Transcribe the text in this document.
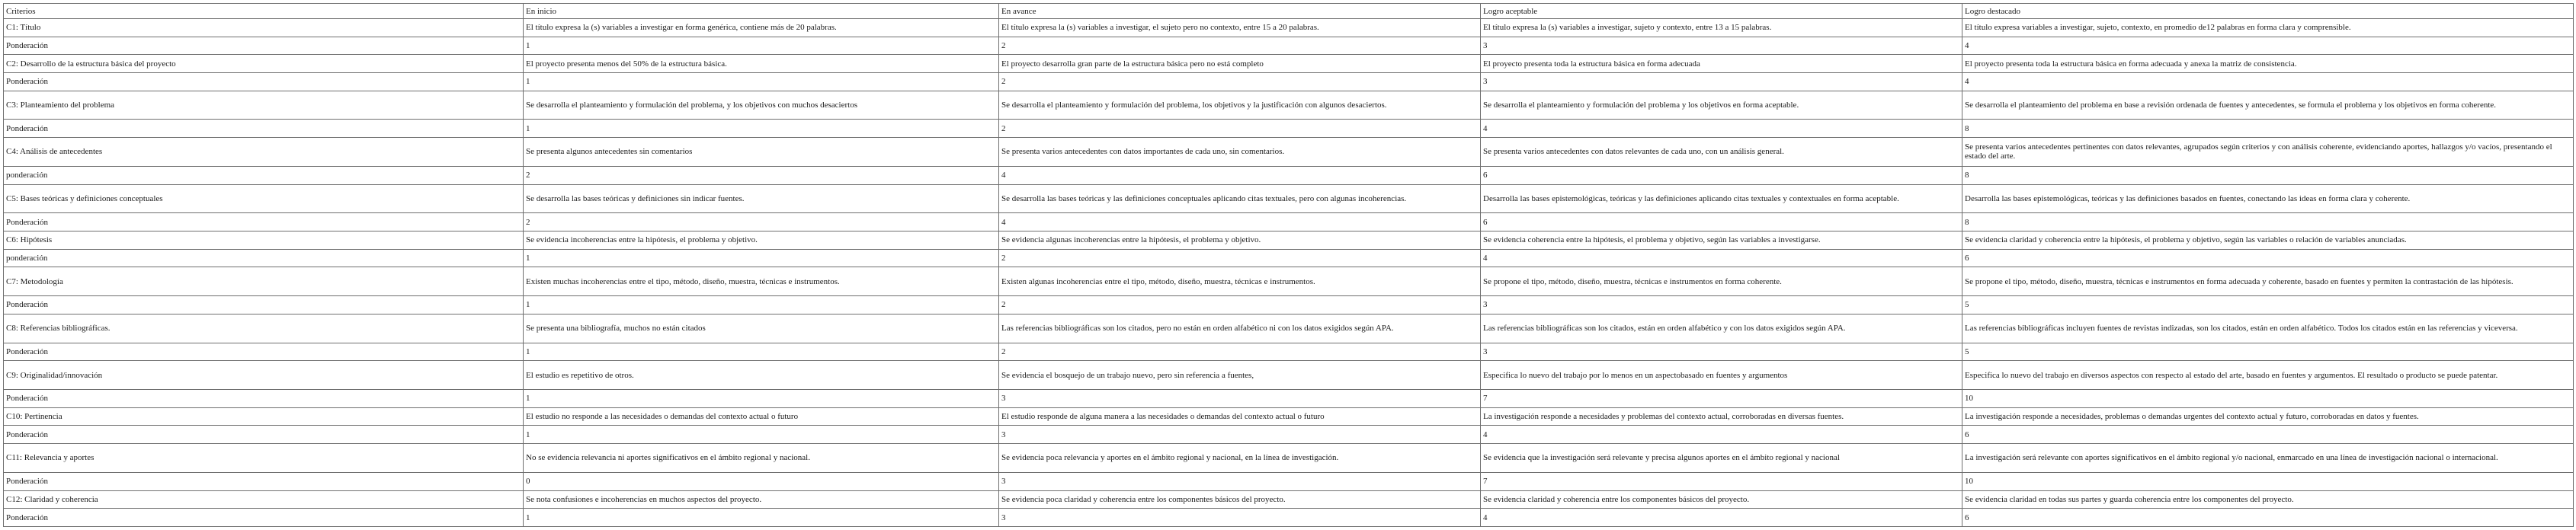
Criterios	En inicio	En avance	Logro aceptable	Logro destacado
C1: Título	El título expresa la (s) variables a investigar en forma genérica, contiene más de 20 palabras.	El título expresa la (s) variables a investigar, el sujeto pero no contexto, entre 15 a 20 palabras.	El título expresa la (s) variables a investigar, sujeto y contexto, entre 13 a 15 palabras.	El título expresa variables a investigar, sujeto, contexto, en promedio de12 palabras en forma clara y comprensible.
Ponderación	1	2	3	4
C2: Desarrollo de la estructura básica del proyecto	El proyecto presenta menos del 50% de la estructura básica.	El proyecto desarrolla gran parte de la estructura básica pero no está completo	El proyecto presenta toda la estructura básica en forma adecuada	El proyecto presenta toda la estructura básica en forma adecuada y anexa la matriz de consistencia.
Ponderación	1	2	3	4
C3: Planteamiento del problema	Se desarrolla el planteamiento y formulación del problema, y los objetivos con muchos desaciertos	Se desarrolla el planteamiento y formulación del problema, los objetivos y la justificación con algunos desaciertos.	Se desarrolla el planteamiento y formulación del problema y los objetivos en forma aceptable.	Se desarrolla el planteamiento del problema en base a revisión ordenada de fuentes y antecedentes, se formula el problema y los objetivos en forma coherente.
Ponderación	1	2	4	8
C4: Análisis de antecedentes	Se presenta algunos antecedentes sin comentarios	Se presenta varios antecedentes con datos importantes de cada uno, sin comentarios.	Se presenta varios antecedentes con datos relevantes de cada uno, con un análisis general.	Se presenta varios antecedentes pertinentes con datos relevantes, agrupados según criterios y con análisis coherente, evidenciando aportes, hallazgos y/o vacíos, presentando el estado del arte.
ponderación	2	4	6	8
C5: Bases teóricas y definiciones conceptuales	Se desarrolla las bases teóricas y definiciones sin indicar fuentes.	Se desarrolla las bases teóricas y las definiciones conceptuales aplicando citas textuales, pero con algunas incoherencias.	Desarrolla las bases epistemológicas, teóricas y las definiciones aplicando citas textuales y contextuales en forma aceptable.	Desarrolla las bases epistemológicas, teóricas y las definiciones basados en fuentes, conectando las ideas en forma clara y coherente.
Ponderación	2	4	6	8
C6: Hipótesis	Se evidencia incoherencias entre la hipótesis, el problema y objetivo.	Se evidencia algunas incoherencias entre la hipótesis, el problema y objetivo.	Se evidencia coherencia entre la hipótesis, el problema y objetivo, según las variables a investigarse.	Se evidencia claridad y coherencia entre la hipótesis, el problema y objetivo, según las variables o relación de variables anunciadas.
ponderación	1	2	4	6
C7: Metodología	Existen muchas incoherencias entre el tipo, método, diseño, muestra, técnicas e instrumentos.	Existen algunas incoherencias entre el tipo, método, diseño, muestra, técnicas e instrumentos.	Se propone el tipo, método, diseño, muestra, técnicas e instrumentos en forma coherente.	Se propone el tipo, método, diseño, muestra, técnicas e instrumentos en forma adecuada y coherente, basado en fuentes y permiten la contrastación de las hipótesis.
Ponderación	1	2	3	5
C8: Referencias bibliográficas.	Se presenta una bibliografía, muchos no están citados	Las referencias bibliográficas son los citados, pero no están en orden alfabético ni con los datos exigidos según APA.	Las referencias bibliográficas son los citados, están en orden alfabético y con los datos exigidos según APA.	Las referencias bibliográficas incluyen fuentes de revistas indizadas, son los citados, están en orden alfabético. Todos los citados están en las referencias y viceversa.
Ponderación	1	2	3	5
C9: Originalidad/innovación	El estudio es repetitivo de otros.	Se evidencia el bosquejo de un trabajo nuevo, pero sin referencia a fuentes,	Especifica lo nuevo del trabajo por lo menos en un aspectobasado en fuentes y argumentos	Especifica lo nuevo del trabajo en diversos aspectos con respecto al estado del arte, basado en fuentes y argumentos. El resultado o producto se puede patentar.
Ponderación	1	3	7	10
C10: Pertinencia	El estudio no responde a las necesidades o demandas del contexto actual o futuro	El estudio responde de alguna manera a las necesidades o demandas del contexto actual o futuro	La investigación responde a necesidades y problemas del contexto actual, corroboradas en diversas fuentes.	La investigación responde a necesidades, problemas o demandas urgentes del contexto actual y futuro, corroboradas en datos y fuentes.
Ponderación	1	3	4	6
C11: Relevancia y aportes	No se evidencia relevancia ni aportes significativos en el ámbito regional y nacional.	Se evidencia poca relevancia y aportes en el ámbito regional y nacional, en la línea de investigación.	Se evidencia que la investigación será relevante y precisa algunos aportes en el ámbito regional y nacional	La investigación será relevante con aportes significativos en el ámbito regional y/o nacional, enmarcado en una línea de investigación nacional o internacional.
Ponderación	0	3	7	10
C12: Claridad y coherencia	Se nota confusiones e incoherencias en muchos aspectos del proyecto.	Se evidencia poca claridad y coherencia entre los componentes básicos del proyecto.	Se evidencia claridad y coherencia entre los componentes básicos del proyecto.	Se evidencia claridad en todas sus partes y guarda coherencia entre los componentes del proyecto.
Ponderación	1	3	4	6
